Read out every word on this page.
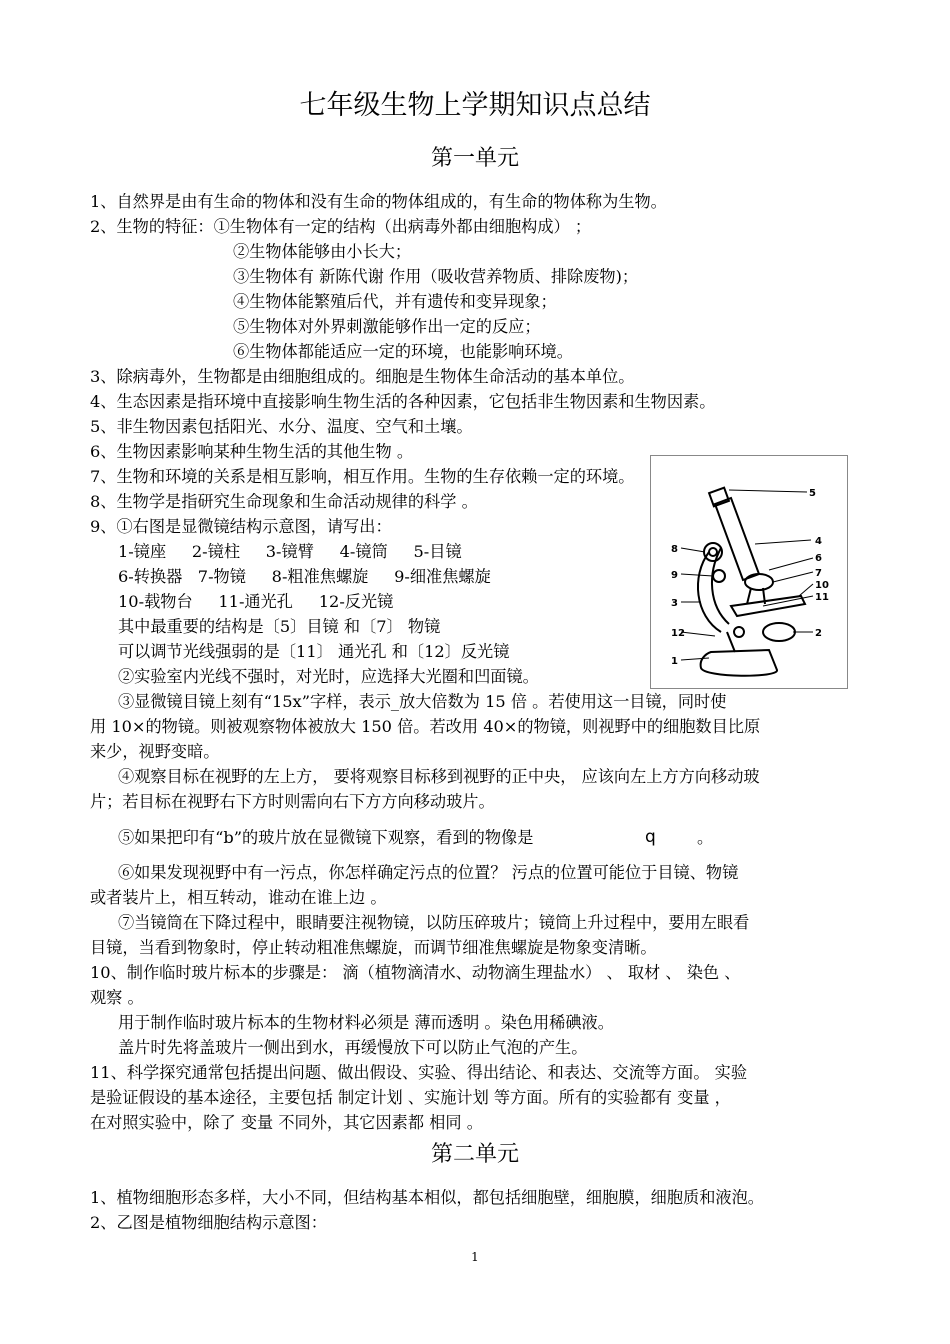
七年级生物上学期知识点总结
第一单元
1、自然界是由有生命的物体和没有生命的物体组成的，有生命的物体称为生物。
2、生物的特征：①生物体有一定的结构（出病毒外都由细胞构成） ；
②生物体能够由小长大；
③生物体有 新陈代谢 作用（吸收营养物质、排除废物)；
④生物体能繁殖后代，并有遗传和变异现象；
⑤生物体对外界刺激能够作出一定的反应；
⑥生物体都能适应一定的环境，也能影响环境。
3、除病毒外，生物都是由细胞组成的。细胞是生物体生命活动的基本单位。
4、生态因素是指环境中直接影响生物生活的各种因素，它包括非生物因素和生物因素。
5、非生物因素包括阳光、水分、温度、空气和土壤。
6、生物因素影响某种生物生活的其他生物 。
7、生物和环境的关系是相互影响，相互作用。生物的生存依赖一定的环境。
8、生物学是指研究生命现象和生命活动规律的科学 。
9、①右图是显微镜结构示意图，请写出：
1-镜座     2-镜柱     3-镜臂     4-镜筒     5-目镜
6-转换器   7-物镜     8-粗准焦螺旋     9-细准焦螺旋
10-载物台     11-通光孔     12-反光镜
其中最重要的结构是〔5〕目镜 和〔7〕 物镜
可以调节光线强弱的是〔11〕 通光孔 和〔12〕反光镜
②实验室内光线不强时，对光时，应选择大光圈和凹面镜。
③显微镜目镜上刻有“15x”字样，表示_放大倍数为 15 倍 。若使用这一目镜，同时使
用 10×的物镜。则被观察物体被放大 150 倍。若改用 40×的物镜，则视野中的细胞数目比原
来少，视野变暗。
④观察目标在视野的左上方， 要将观察目标移到视野的正中央， 应该向左上方方向移动玻
片；若目标在视野右下方时则需向右下方方向移动玻片。
⑤如果把印有“b”的玻片放在显微镜下观察，看到的物像是	q	。
⑥如果发现视野中有一污点，你怎样确定污点的位置？ 污点的位置可能位于目镜、物镜
或者装片上，相互转动，谁动在谁上边 。
⑦当镜筒在下降过程中，眼睛要注视物镜，以防压碎玻片；镜筒上升过程中，要用左眼看
目镜，当看到物象时，停止转动粗准焦螺旋，而调节细准焦螺旋是物象变清晰。
10、制作临时玻片标本的步骤是： 滴（植物滴清水、动物滴生理盐水） 、 取材 、 染色 、
观察 。
用于制作临时玻片标本的生物材料必须是 薄而透明 。染色用稀碘液。
盖片时先将盖玻片一侧出到水，再缓慢放下可以防止气泡的产生。
11、科学探究通常包括提出问题、做出假设、实验、得出结论、和表达、交流等方面。 实验
是验证假设的基本途径，主要包括 制定计划 、实施计划 等方面。所有的实验都有 变量 ，
在对照实验中，除了 变量 不同外，其它因素都 相同 。
第二单元
1、植物细胞形态多样，大小不同，但结构基本相似，都包括细胞壁，细胞膜，细胞质和液泡。
2、乙图是植物细胞结构示意图：
1
5
4
6
7
10
11
8
9
3
2
12
1
